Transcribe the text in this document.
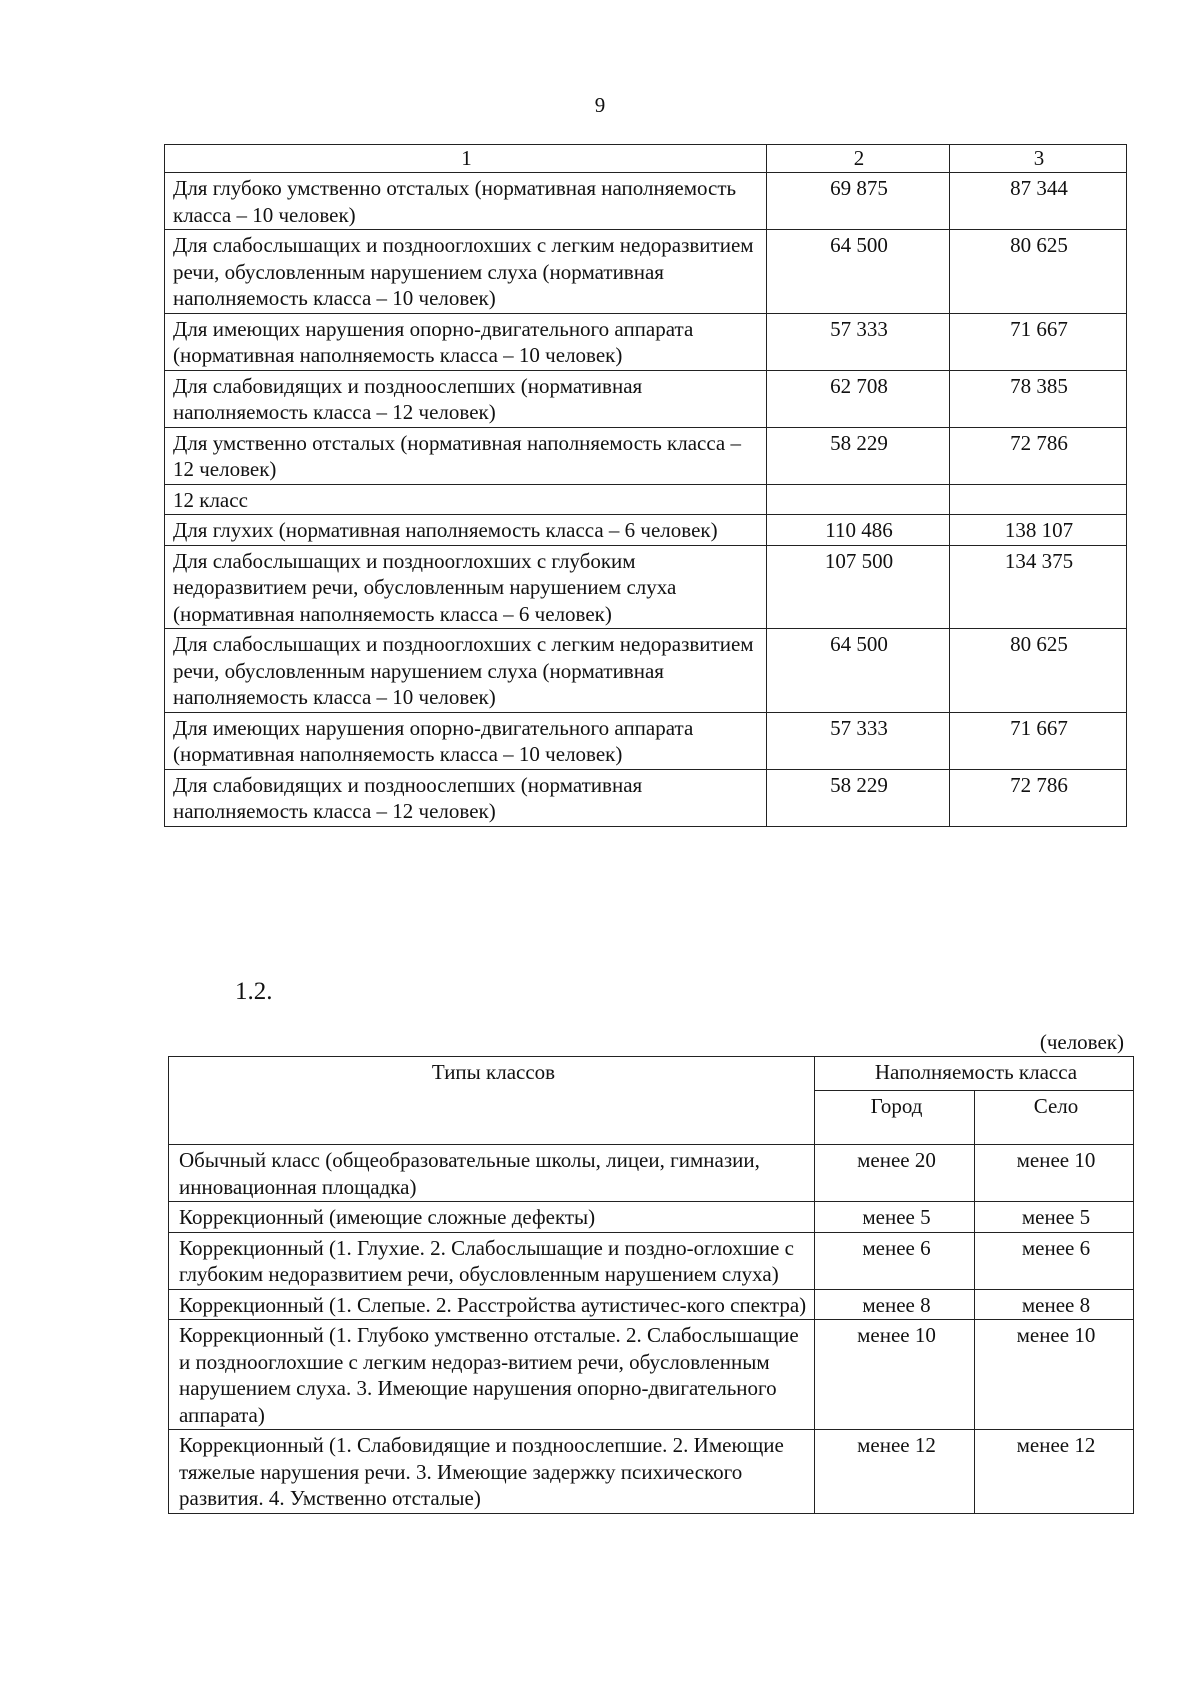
9
1	2	3
Для глубоко умственно отсталых (нормативная наполняемость класса – 10 человек)	69 875	87 344
Для слабослышащих и позднооглохших с легким недоразвитием речи, обусловленным нарушением слуха (нормативная наполняемость класса – 10 человек)	64 500	80 625
Для имеющих нарушения опорно-двигательного аппарата (нормативная наполняемость класса – 10 человек)	57 333	71 667
Для слабовидящих и поздноослепших (нормативная наполняемость класса – 12 человек)	62 708	78 385
Для умственно отсталых (нормативная наполняемость класса – 12 человек)	58 229	72 786
12 класс		
Для глухих (нормативная наполняемость класса – 6 человек)	110 486	138 107
Для слабослышащих и позднооглохших с глубоким недоразвитием речи, обусловленным нарушением слуха (нормативная наполняемость класса – 6 человек)	107 500	134 375
Для слабослышащих и позднооглохших с легким недоразвитием речи, обусловленным нарушением слуха (нормативная наполняемость класса – 10 человек)	64 500	80 625
Для имеющих нарушения опорно-двигательного аппарата (нормативная наполняемость класса – 10 человек)	57 333	71 667
Для слабовидящих и поздноослепших (нормативная наполняемость класса – 12 человек)	58 229	72 786
1.2.
(человек)
Типы классов	Наполняемость класса	
	Город	Село
Обычный класс (общеобразовательные школы, лицеи, гимназии, инновационная площадка)	менее 20	менее 10
Коррекционный (имеющие сложные дефекты)	менее 5	менее 5
Коррекционный (1. Глухие. 2. Слабослышащие и поздно-оглохшие с глубоким недоразвитием речи, обусловленным нарушением слуха)	менее 6	менее 6
Коррекционный (1. Слепые. 2. Расстройства аутистичес-кого спектра)	менее 8	менее 8
Коррекционный (1. Глубоко умственно отсталые. 2. Слабослышащие и позднооглохшие с легким недораз-витием речи, обусловленным нарушением слуха. 3. Имеющие нарушения опорно-двигательного аппарата)	менее 10	менее 10
Коррекционный (1. Слабовидящие и поздноослепшие. 2. Имеющие тяжелые нарушения речи. 3. Имеющие задержку психического развития. 4. Умственно отсталые)	менее 12	менее 12
